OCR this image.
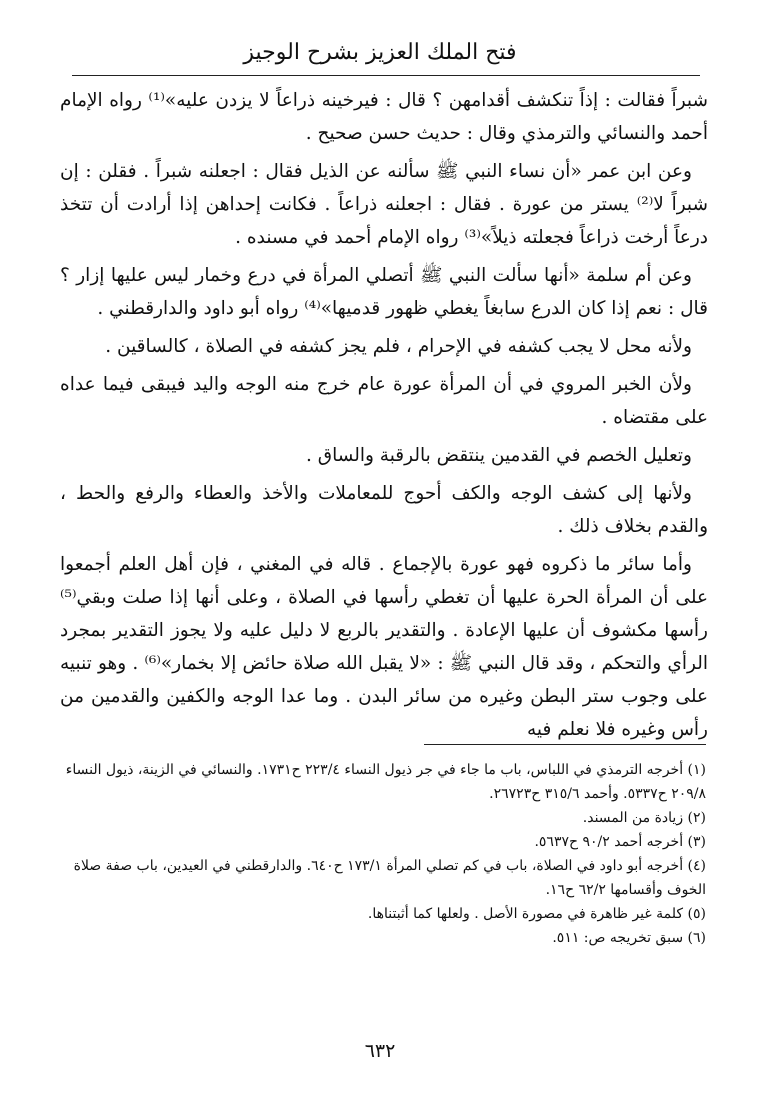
فتح الملك العزيز بشرح الوجيز

شبراً فقالت : إذاً تنكشف أقدامهن ؟ قال : فيرخينه ذراعاً لا يزدن عليه»⁽¹⁾ رواه الإمام أحمد والنسائي والترمذي وقال : حديث حسن صحيح .

وعن ابن عمر «أن نساء النبي ﷺ سألنه عن الذيل فقال : اجعلنه شبراً . فقلن : إن شبراً لا⁽²⁾ يستر من عورة . فقال : اجعلنه ذراعاً . فكانت إحداهن إذا أرادت أن تتخذ درعاً أرخت ذراعاً فجعلته ذيلاً»⁽³⁾ رواه الإمام أحمد في مسنده .

وعن أم سلمة «أنها سألت النبي ﷺ أتصلي المرأة في درع وخمار ليس عليها إزار ؟ قال : نعم إذا كان الدرع سابغاً يغطي ظهور قدميها»⁽⁴⁾ رواه أبو داود والدارقطني .

ولأنه محل لا يجب كشفه في الإحرام ، فلم يجز كشفه في الصلاة ، كالساقين .

ولأن الخبر المروي في أن المرأة عورة عام خرج منه الوجه واليد فيبقى فيما عداه على مقتضاه .

وتعليل الخصم في القدمين ينتقض بالرقبة والساق .

ولأنها إلى كشف الوجه والكف أحوج للمعاملات والأخذ والعطاء والرفع والحط ، والقدم بخلاف ذلك .

وأما سائر ما ذكروه فهو عورة بالإجماع . قاله في المغني ، فإن أهل العلم أجمعوا على أن المرأة الحرة عليها أن تغطي رأسها في الصلاة ، وعلى أنها إذا صلت وبقي⁽⁵⁾ رأسها مكشوف أن عليها الإعادة . والتقدير بالربع لا دليل عليه ولا يجوز التقدير بمجرد الرأي والتحكم ، وقد قال النبي ﷺ : «لا يقبل الله صلاة حائض إلا بخمار»⁽⁶⁾ . وهو تنبيه على وجوب ستر البطن وغيره من سائر البدن . وما عدا الوجه والكفين والقدمين من رأس وغيره فلا نعلم فيه

(١) أخرجه الترمذي في اللباس، باب ما جاء في جر ذيول النساء ٢٢٣/٤ ح١٧٣١. والنسائي في الزينة، ذيول النساء ٢٠٩/٨ ح٥٣٣٧. وأحمد ٣١٥/٦ ح٢٦٧٢٣.

(٢) زيادة من المسند.

(٣) أخرجه أحمد ٩٠/٢ ح٥٦٣٧.

(٤) أخرجه أبو داود في الصلاة، باب في كم تصلي المرأة ١٧٣/١ ح٦٤٠. والدارقطني في العيدين، باب صفة صلاة الخوف وأقسامها ٦٢/٢ ح١٦.

(٥) كلمة غير ظاهرة في مصورة الأصل . ولعلها كما أثبتناها.

(٦) سبق تخريجه ص: ٥١١.

٦٣٢
